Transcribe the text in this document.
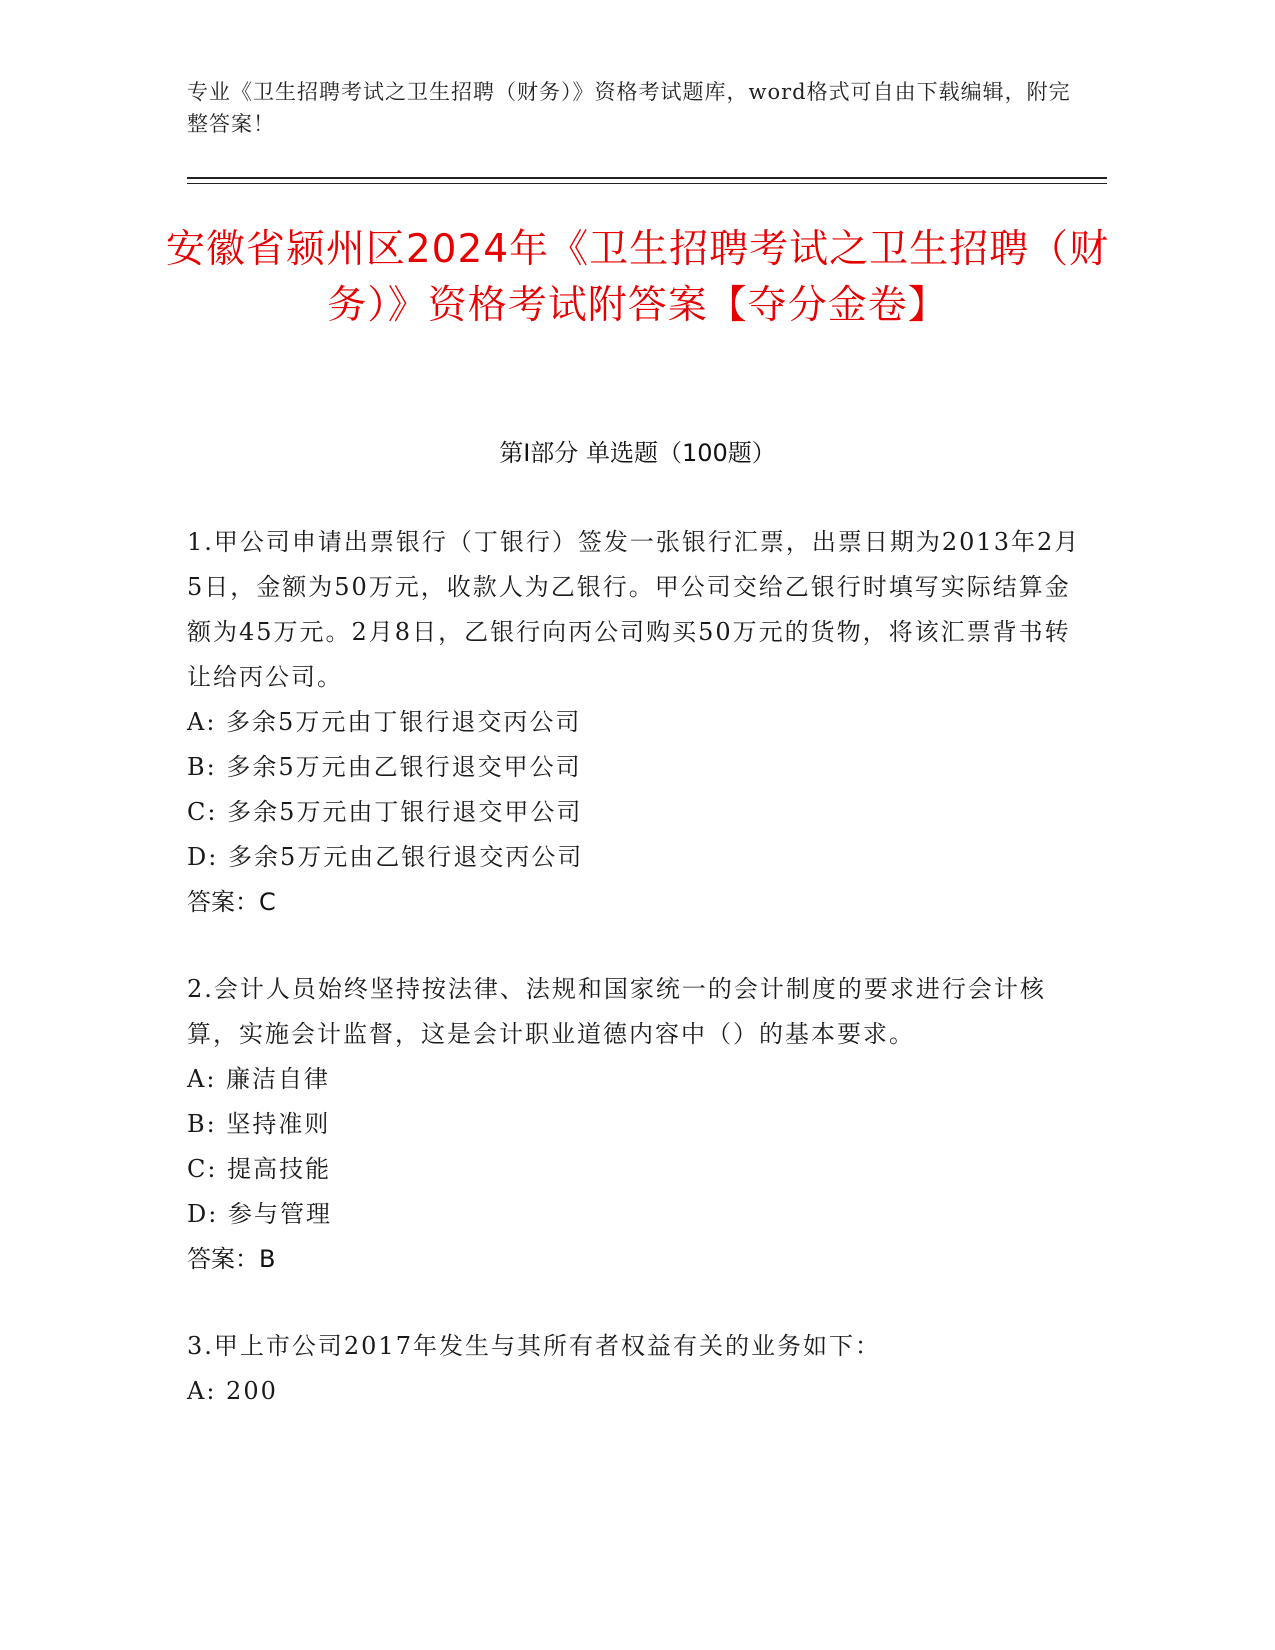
专业《卫生招聘考试之卫生招聘（财务）》资格考试题库，word格式可自由下载编辑，附完整答案！
安徽省颍州区2024年《卫生招聘考试之卫生招聘（财务）》资格考试附答案【夺分金卷】
第I部分 单选题（100题）

1.甲公司申请出票银行（丁银行）签发一张银行汇票，出票日期为2013年2月5日，金额为50万元，收款人为乙银行。甲公司交给乙银行时填写实际结算金额为45万元。2月8日，乙银行向丙公司购买50万元的货物，将该汇票背书转让给丙公司。

A: 多余5万元由丁银行退交丙公司

B: 多余5万元由乙银行退交甲公司

C: 多余5万元由丁银行退交甲公司

D: 多余5万元由乙银行退交丙公司

答案：C

2.会计人员始终坚持按法律、法规和国家统一的会计制度的要求进行会计核算，实施会计监督，这是会计职业道德内容中（）的基本要求。

A: 廉洁自律

B: 坚持准则

C: 提高技能

D: 参与管理

答案：B

3.甲上市公司2017年发生与其所有者权益有关的业务如下：

A: 200
